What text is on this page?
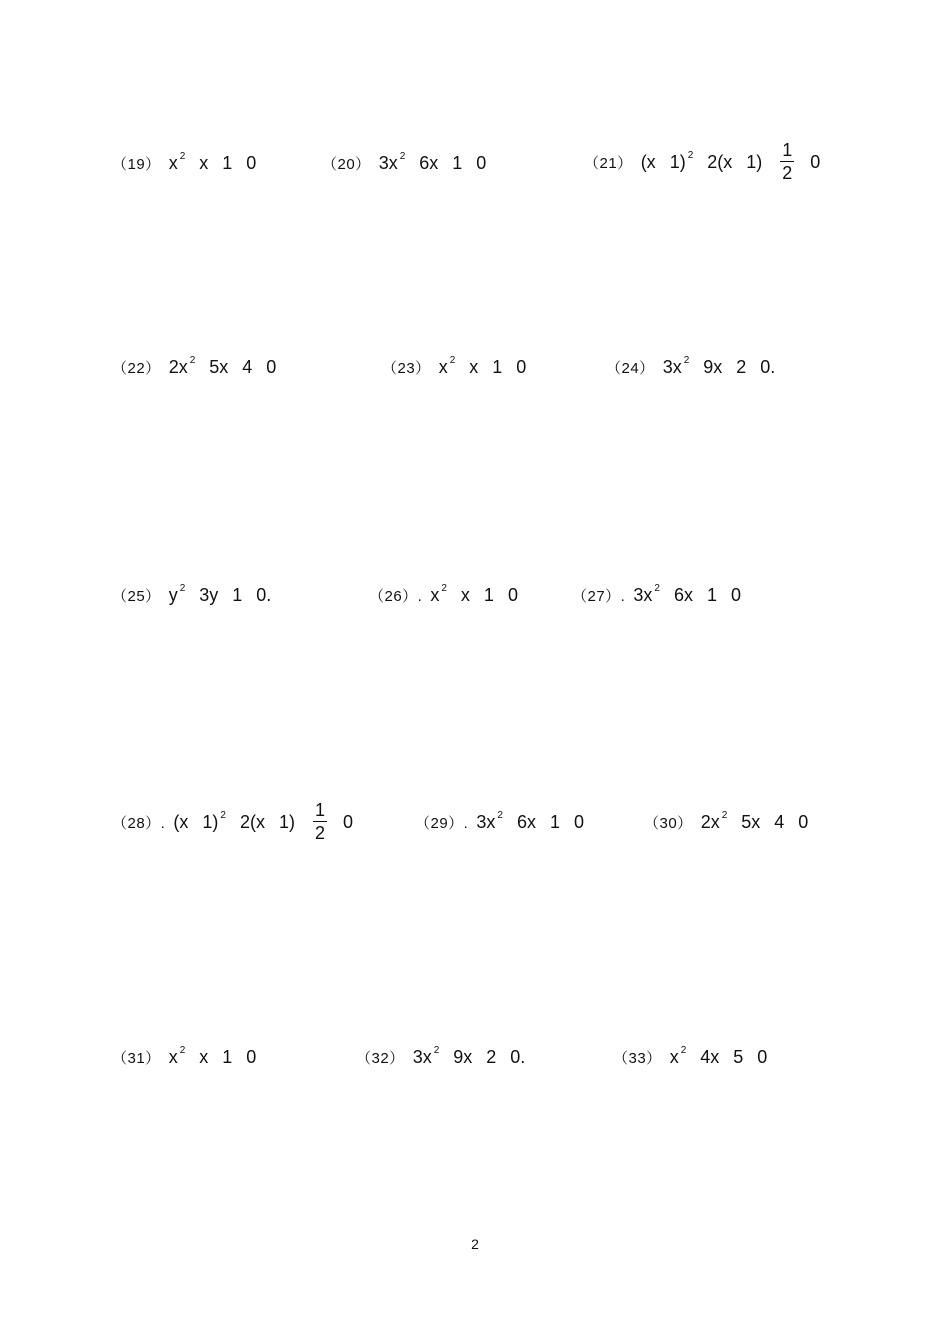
（19） x $^2$ x 1 0	（20） 3x $^2$ 6x 1 0	（21） (x 1) $^2$ 2(x $1) \frac{1}{2} 0$
（22） 2x $^2$ 5x 4 0	（23） x $^2$ x 1 0	（24） 3x $^2$ 9x 2 0.
（25） y $^2$ 3y 1 0.	（26）. x $^2$ x 1 0	（27）. 3x $^2$ 6x 1 0
（28）. (x 1) $^2$ 2(x $1) \frac{1}{2} 0$	（29）. 3x $^2$ 6x 1 0	（30） 2x $^2$ 5x 4 0
（31） x $^2$ x 1 0	（32） 3x $^2$ 9x 2 0.	（33） x $^2$ 4x 5 0
2
